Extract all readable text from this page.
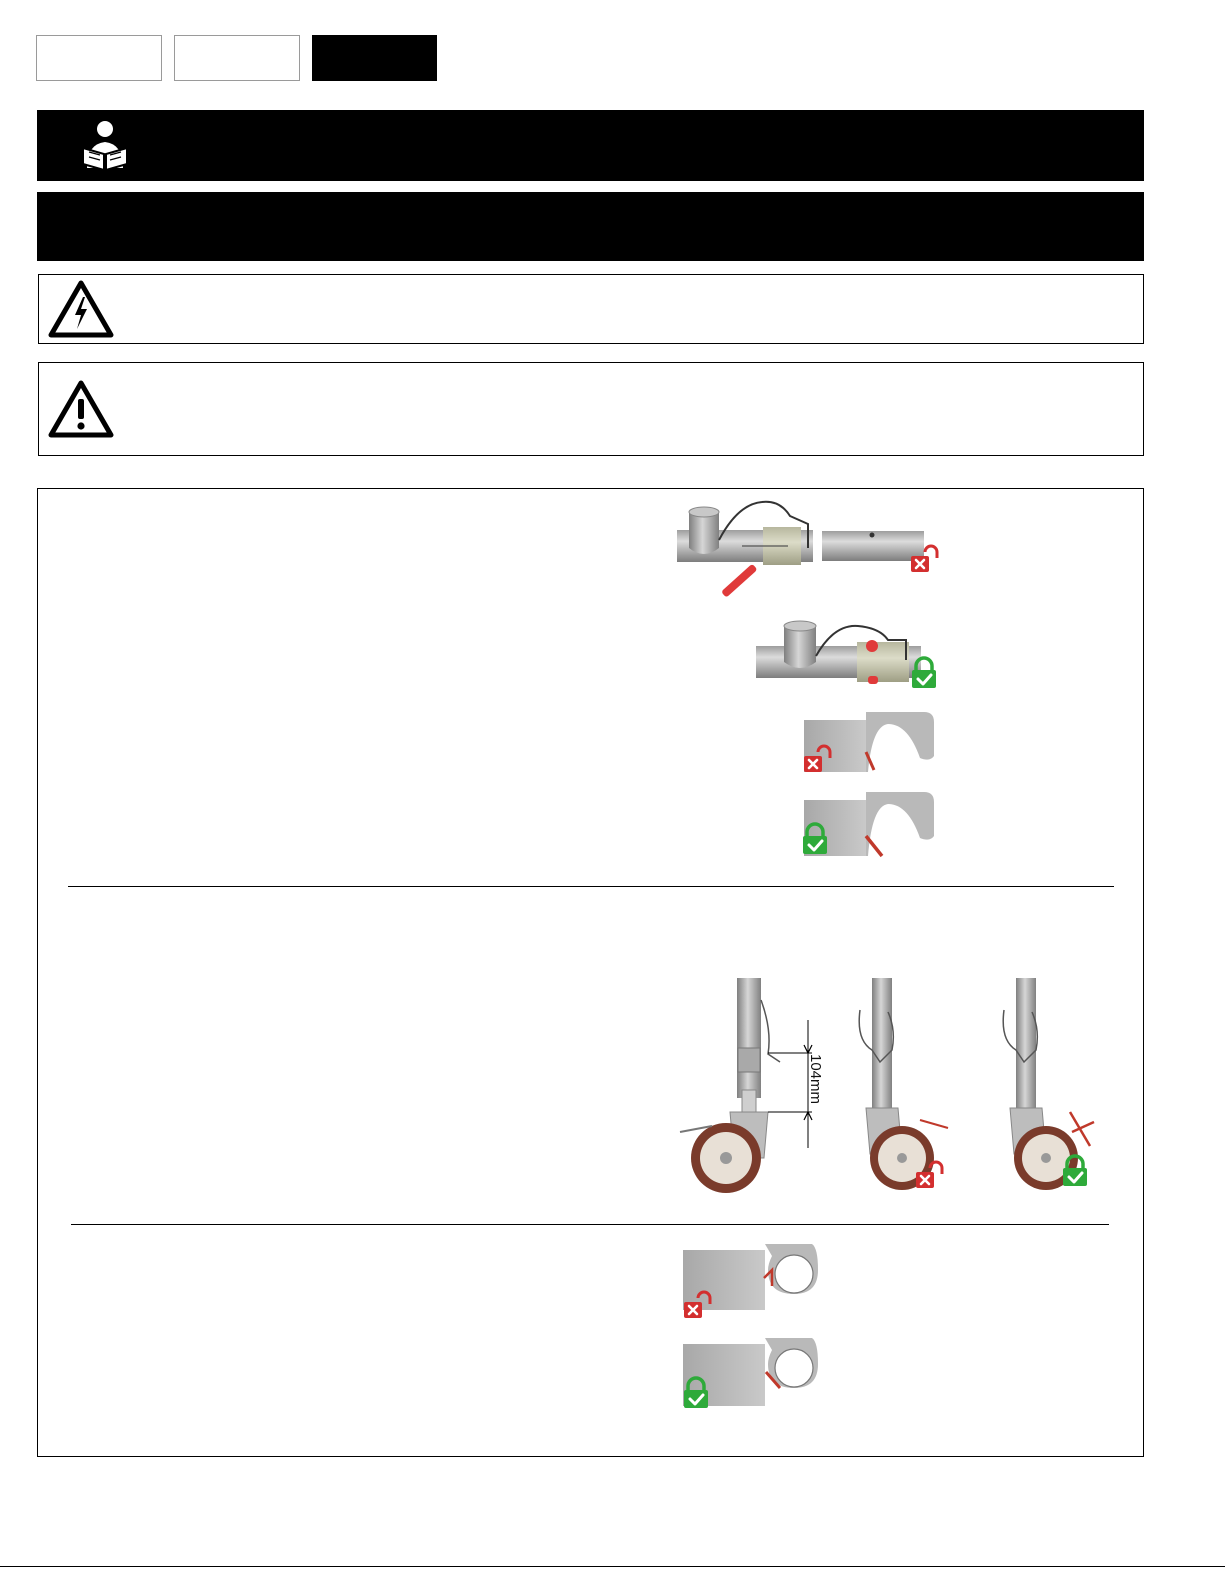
104mm
